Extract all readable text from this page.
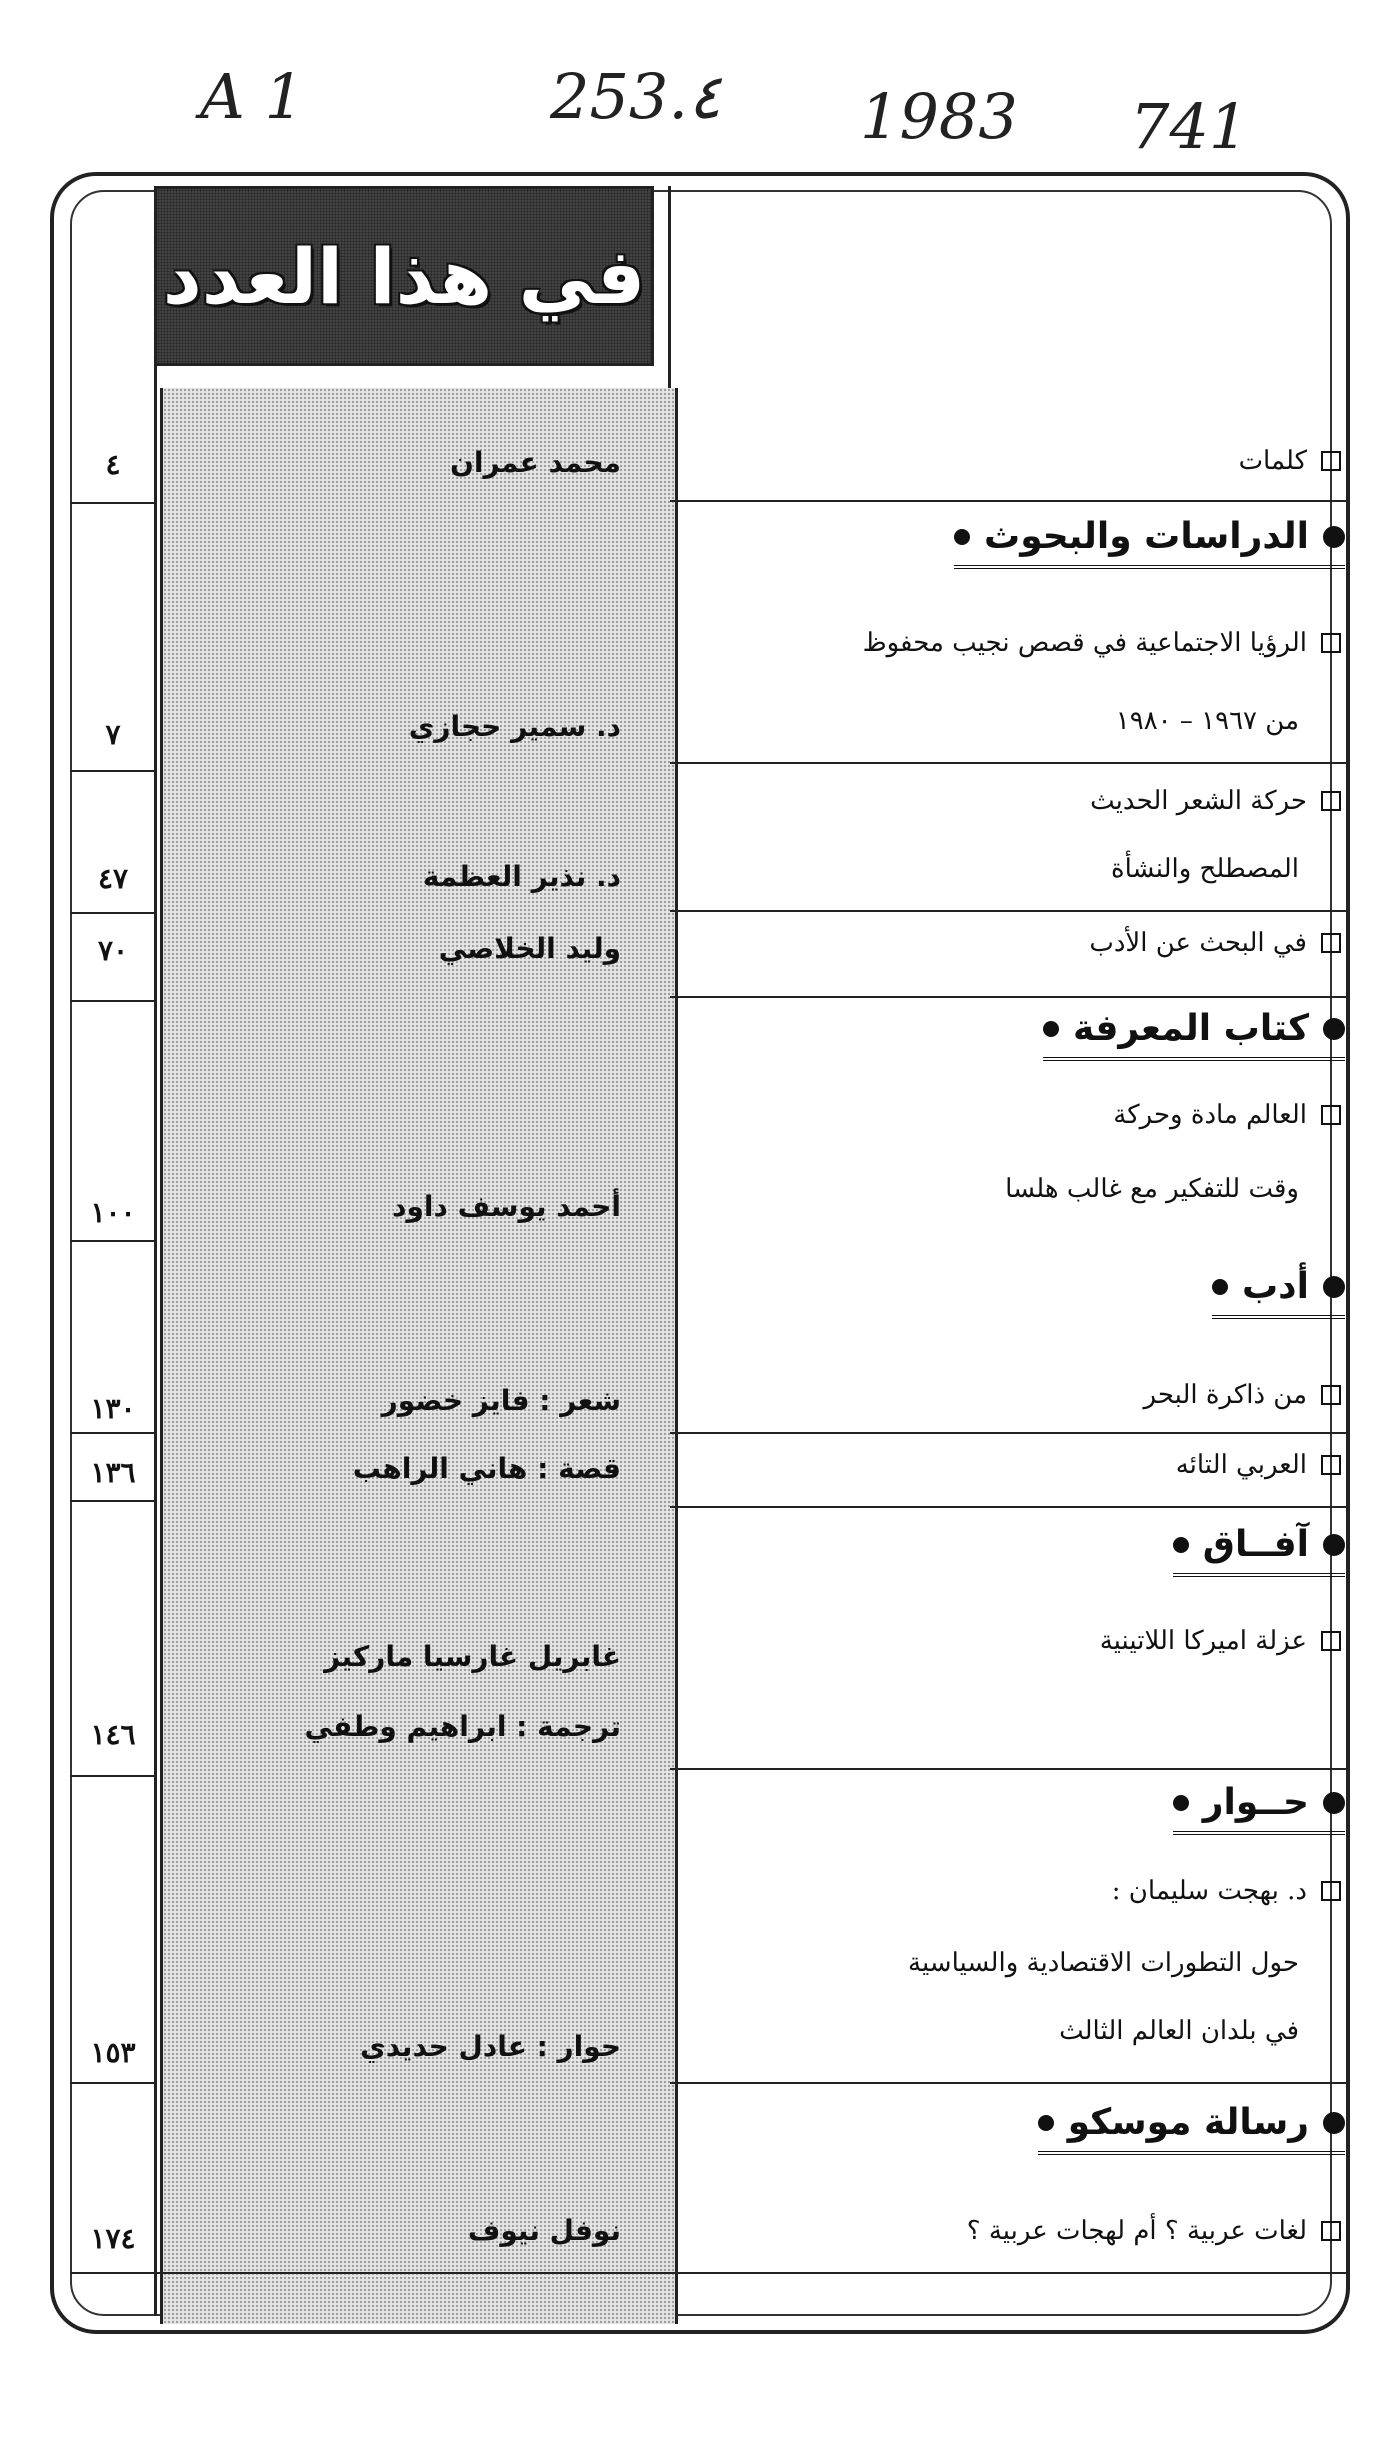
A 1	253.٤ 1983 741
في هذا العدد
٤
٧
٤٧
٧٠
١٠٠
١٣٠
١٣٦
١٤٦
١٥٣
١٧٤
محمد عمران
د. سمير حجازي
د. نذير العظمة
وليد الخلاصي
أحمد يوسف داود
شعر : فايز خضور
قصة : هاني الراهب
غابريل غارسيا ماركيز
ترجمة : ابراهيم وطفي
حوار : عادل حديدي
نوفل نيوف
كلمات
الدراسات والبحوث
الرؤيا الاجتماعية في قصص نجيب محفوظ
من ١٩٦٧ – ١٩٨٠
حركة الشعر الحديث
المصطلح والنشأة
في البحث عن الأدب
كتاب المعرفة
العالم مادة وحركة
وقت للتفكير مع غالب هلسا
أدب
من ذاكرة البحر
العربي التائه
آفــاق
عزلة اميركا اللاتينية
حــوار
د. بهجت سليمان :
حول التطورات الاقتصادية والسياسية
في بلدان العالم الثالث
رسالة موسكو
لغات عربية ؟ أم لهجات عربية ؟
